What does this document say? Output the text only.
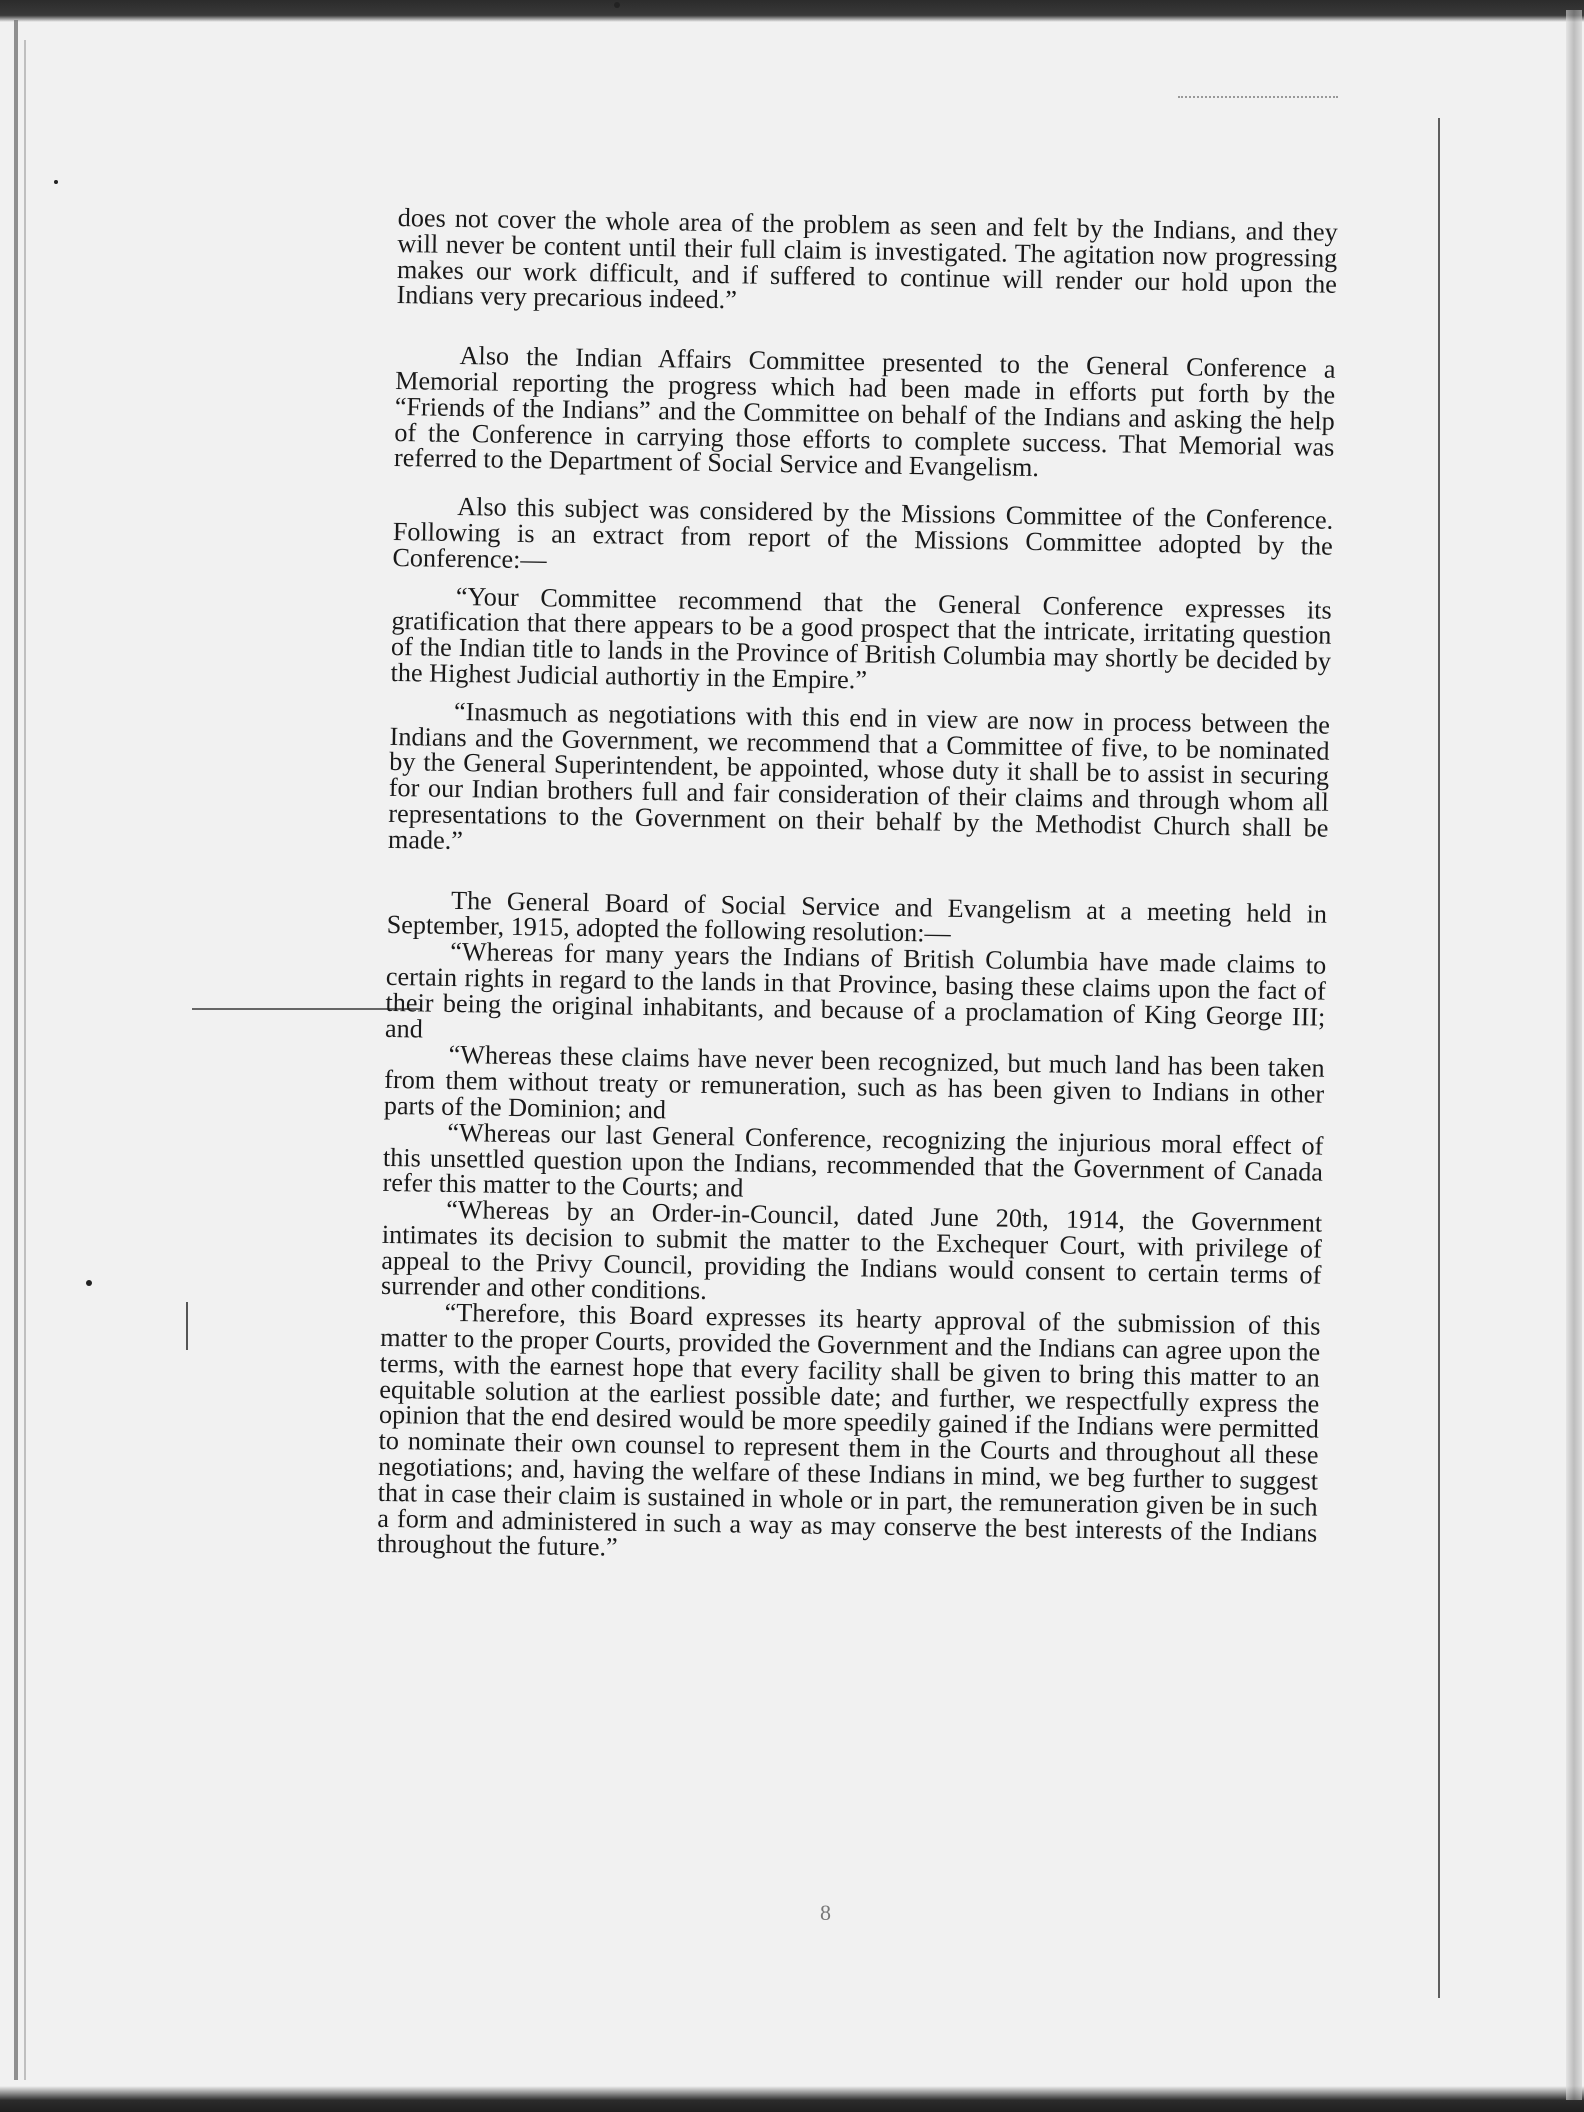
does not cover the whole area of the problem as seen and felt by the Indians, and they will never be content until their full claim is investigated. The agitation now progressing makes our work difficult, and if suffered to continue will render our hold upon the Indians very precarious indeed.”

Also the Indian Affairs Committee presented to the General Conference a Memorial reporting the progress which had been made in efforts put forth by the “Friends of the Indians” and the Committee on behalf of the Indians and asking the help of the Conference in carrying those efforts to complete success. That Memorial was referred to the Department of Social Service and Evangelism.

Also this subject was considered by the Missions Committee of the Conference. Following is an extract from report of the Missions Committee adopted by the Conference:—

“Your Committee recommend that the General Conference expresses its gratification that there appears to be a good prospect that the intricate, irritating question of the Indian title to lands in the Province of British Columbia may shortly be decided by the Highest Judicial authortiy in the Empire.”

“Inasmuch as negotiations with this end in view are now in process between the Indians and the Government, we recommend that a Committee of five, to be nominated by the General Superintendent, be appointed, whose duty it shall be to assist in securing for our Indian brothers full and fair consideration of their claims and through whom all representations to the Government on their behalf by the Methodist Church shall be made.”

The General Board of Social Service and Evangelism at a meeting held in September, 1915, adopted the following resolution:—

“Whereas for many years the Indians of British Columbia have made claims to certain rights in regard to the lands in that Province, basing these claims upon the fact of their being the original inhabitants, and because of a proclamation of King George III; and

“Whereas these claims have never been recognized, but much land has been taken from them without treaty or remuneration, such as has been given to Indians in other parts of the Dominion; and

“Whereas our last General Conference, recognizing the injurious moral effect of this unsettled question upon the Indians, recommended that the Government of Canada refer this matter to the Courts; and

“Whereas by an Order-in-Council, dated June 20th, 1914, the Government intimates its decision to submit the matter to the Exchequer Court, with privilege of appeal to the Privy Council, providing the Indians would consent to certain terms of surrender and other conditions.

“Therefore, this Board expresses its hearty approval of the submission of this matter to the proper Courts, provided the Government and the Indians can agree upon the terms, with the earnest hope that every facility shall be given to bring this matter to an equitable solution at the earliest possible date; and further, we respectfully express the opinion that the end desired would be more speedily gained if the Indians were permitted to nominate their own counsel to represent them in the Courts and throughout all these negotiations; and, having the welfare of these Indians in mind, we beg further to suggest that in case their claim is sustained in whole or in part, the remuneration given be in such a form and administered in such a way as may conserve the best interests of the Indians throughout the future.”

8
